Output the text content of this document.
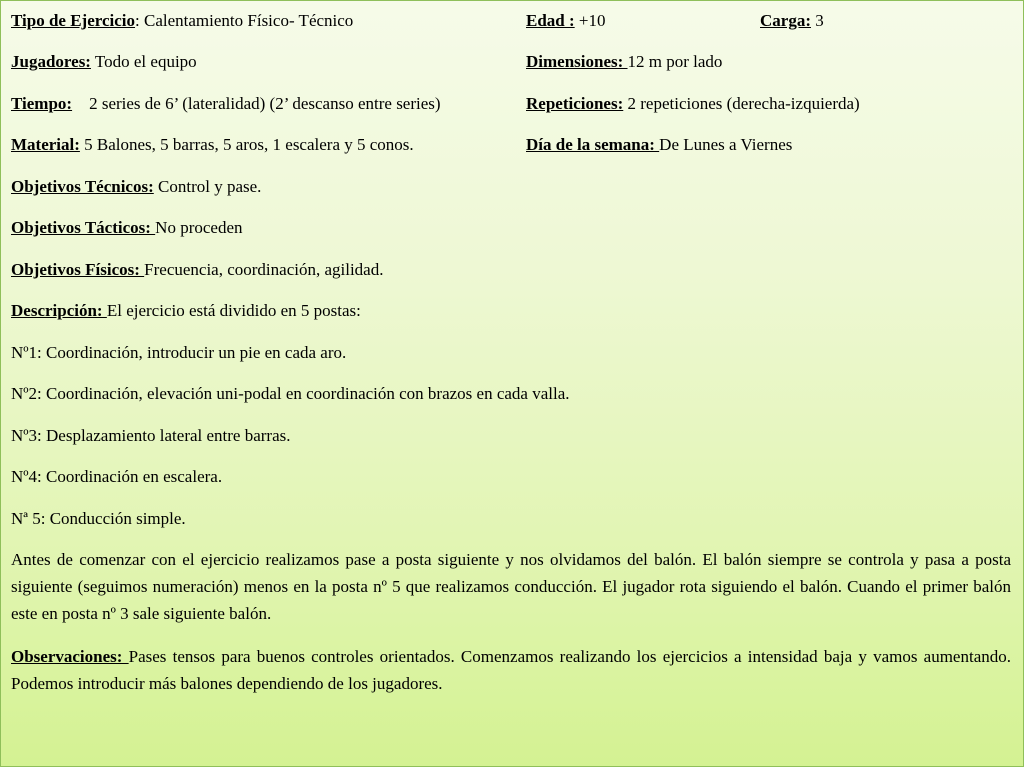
Tipo de Ejercicio: Calentamiento Físico- Técnico	Edad : +10	Carga: 3
Jugadores: Todo el equipo	Dimensiones: 12 m por lado
Tiempo:    2 series de 6’ (lateralidad) (2’ descanso entre series)	Repeticiones: 2 repeticiones (derecha-izquierda)
Material: 5 Balones, 5 barras, 5 aros, 1 escalera y 5 conos.	Día de la semana: De Lunes a Viernes
Objetivos Técnicos: Control y pase.
Objetivos Tácticos: No proceden
Objetivos Físicos: Frecuencia, coordinación, agilidad.
Descripción: El ejercicio está dividido en 5 postas:
Nº1: Coordinación, introducir un pie en cada aro.
Nº2: Coordinación, elevación uni-podal en coordinación con brazos en cada valla.
Nº3: Desplazamiento lateral entre barras.
Nº4: Coordinación en escalera.
Nª 5: Conducción simple.
Antes de comenzar con el ejercicio realizamos pase a posta siguiente y nos olvidamos del balón. El balón siempre se controla y pasa a posta siguiente (seguimos numeración) menos en la posta nº 5 que realizamos conducción. El jugador rota siguiendo el balón. Cuando el primer balón este en posta nº 3 sale siguiente balón.
Observaciones: Pases tensos para buenos controles orientados. Comenzamos realizando los ejercicios a intensidad baja y vamos aumentando. Podemos introducir más balones dependiendo de los jugadores.
